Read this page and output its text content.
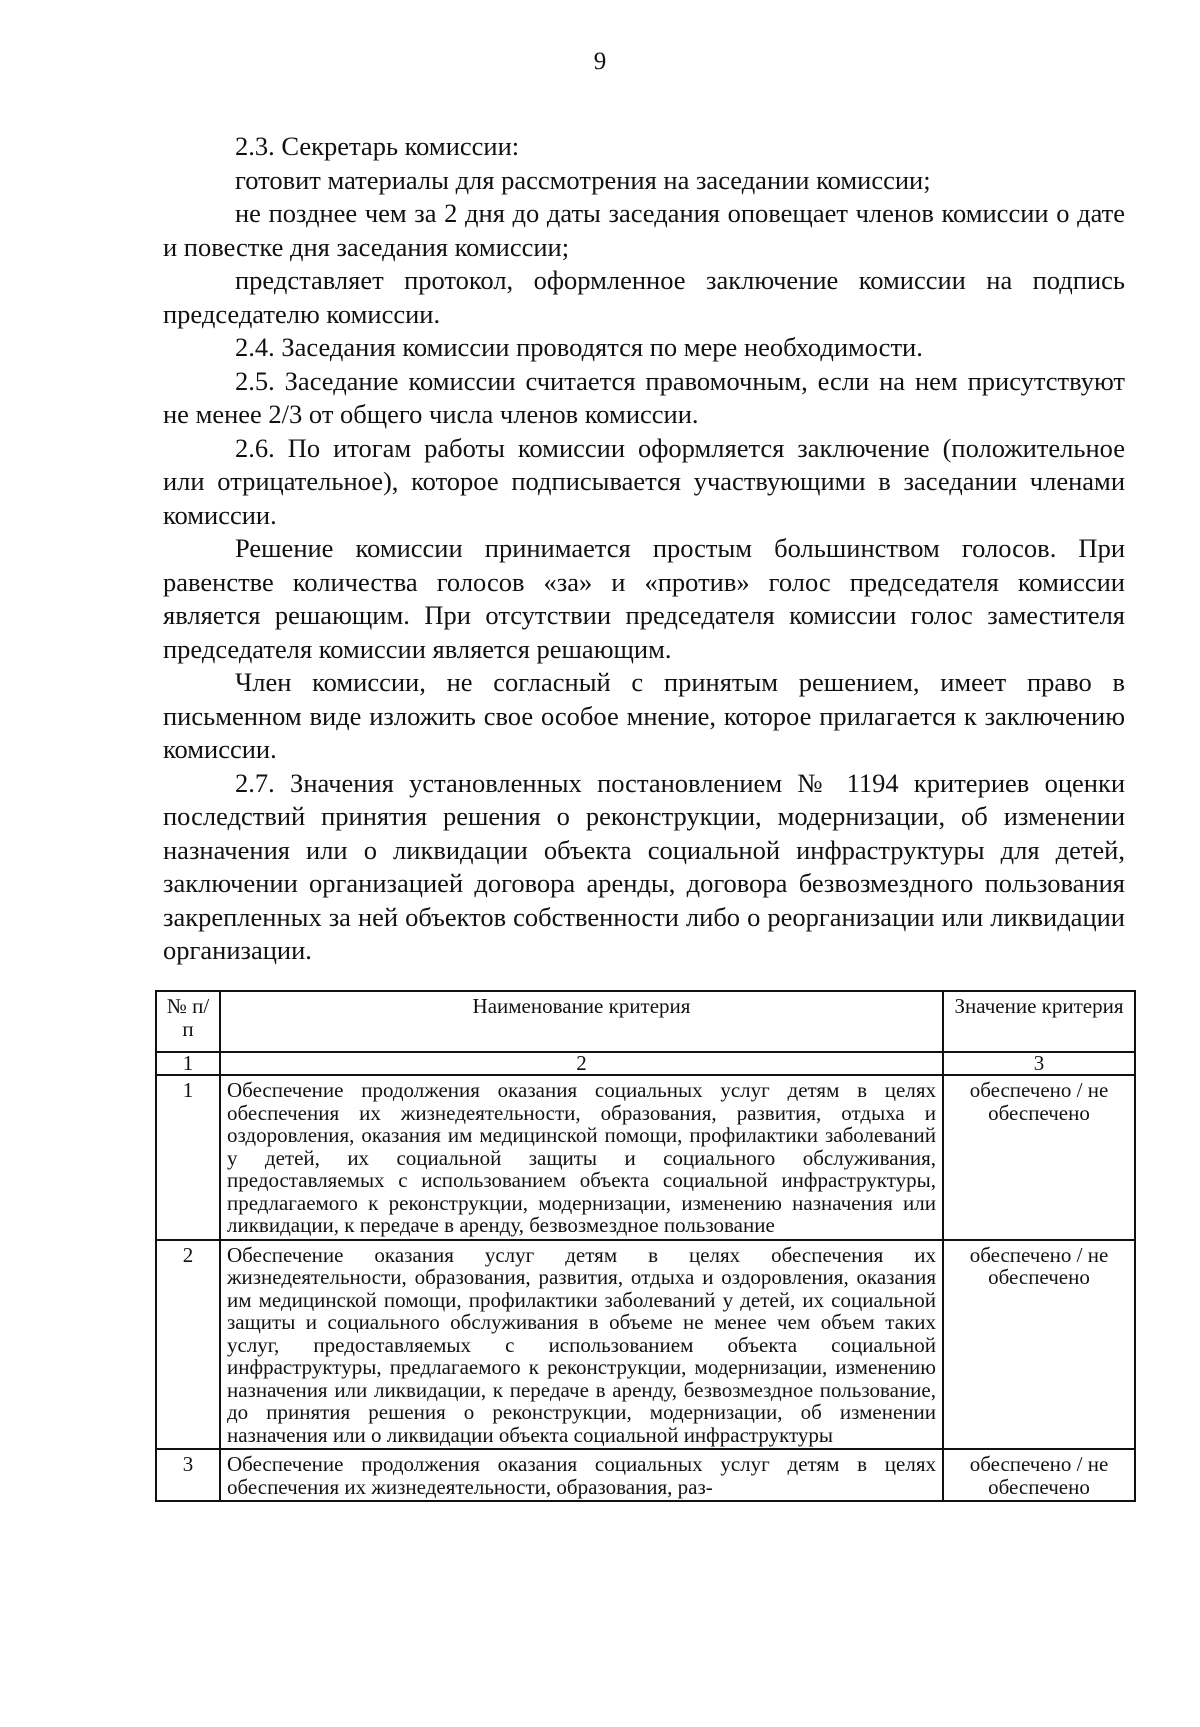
9

2.3. Секретарь комиссии:

готовит материалы для рассмотрения на заседании комиссии;

не позднее чем за 2 дня до даты заседания оповещает членов комиссии о дате и повестке дня заседания комиссии;

представляет протокол, оформленное заключение комиссии на подпись председателю комиссии.

2.4. Заседания комиссии проводятся по мере необходимости.

2.5. Заседание комиссии считается правомочным, если на нем присутствуют не менее 2/3 от общего числа членов комиссии.

2.6. По итогам работы комиссии оформляется заключение (положительное или отрицательное), которое подписывается участвующими в заседании членами комиссии.

Решение комиссии принимается простым большинством голосов. При равенстве количества голосов «за» и «против» голос председателя комиссии является решающим. При отсутствии председателя комиссии голос заместителя председателя комиссии является решающим.

Член комиссии, не согласный с принятым решением, имеет право в письменном виде изложить свое особое мнение, которое прилагается к заключению комиссии.

2.7. Значения установленных постановлением № 1194 критериев оценки последствий принятия решения о реконструкции, модернизации, об изменении назначения или о ликвидации объекта социальной инфраструктуры для детей, заключении организацией договора аренды, договора безвозмездного пользования закрепленных за ней объектов собственности либо о реорганизации или ликвидации организации.

№ п/п	Наименование критерия	Значение критерия
1	2	3
1	Обеспечение продолжения оказания социальных услуг детям в целях обеспечения их жизнедеятельности, образования, развития, отдыха и оздоровления, оказания им медицинской помощи, профилактики заболеваний у детей, их социальной защиты и социального обслуживания, предоставляемых с использованием объекта социальной инфраструктуры, предлагаемого к реконструкции, модернизации, изменению назначения или ликвидации, к передаче в аренду, безвозмездное пользование	обеспечено / не обеспечено
2	Обеспечение оказания услуг детям в целях обеспечения их жизнедеятельности, образования, развития, отдыха и оздоровления, оказания им медицинской помощи, профилактики заболеваний у детей, их социальной защиты и социального обслуживания в объеме не менее чем объем таких услуг, предоставляемых с использованием объекта социальной инфраструктуры, предлагаемого к реконструкции, модернизации, изменению назначения или ликвидации, к передаче в аренду, безвозмездное пользование, до принятия решения о реконструкции, модернизации, об изменении назначения или о ликвидации объекта социальной инфраструктуры	обеспечено / не обеспечено
3	Обеспечение продолжения оказания социальных услуг детям в целях обеспечения их жизнедеятельности, образования, раз-	обеспечено / не обеспечено
